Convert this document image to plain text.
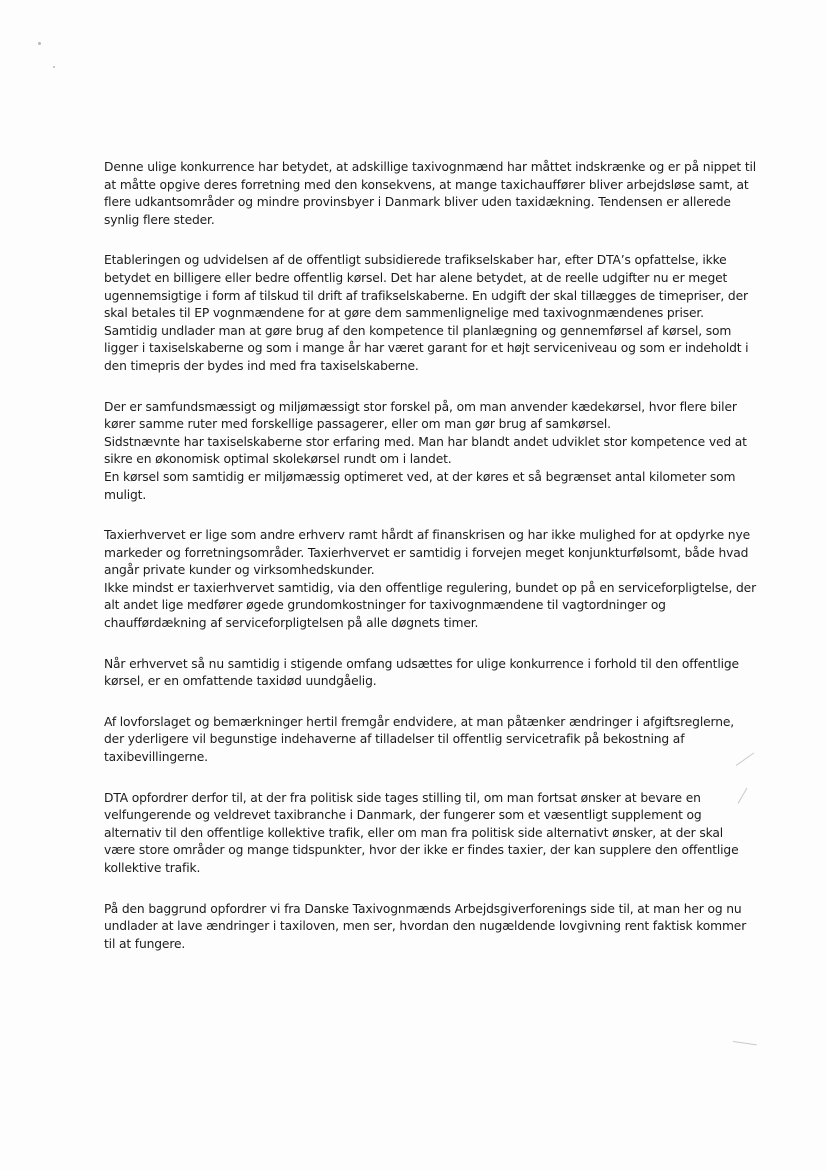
Denne ulige konkurrence har betydet, at adskillige taxivognmænd har måttet indskrænke og er på nippet til
at måtte opgive deres forretning med den konsekvens, at mange taxichauffører bliver arbejdsløse samt, at
flere udkantsområder og mindre provinsbyer i Danmark bliver uden taxidækning. Tendensen er allerede
synlig flere steder.

Etableringen og udvidelsen af de offentligt subsidierede trafikselskaber har, efter DTA’s opfattelse, ikke
betydet en billigere eller bedre offentlig kørsel. Det har alene betydet, at de reelle udgifter nu er meget
ugennemsigtige i form af tilskud til drift af trafikselskaberne. En udgift der skal tillægges de timepriser, der
skal betales til EP vognmændene for at gøre dem sammenlignelige med taxivognmændenes priser.
Samtidig undlader man at gøre brug af den kompetence til planlægning og gennemførsel af kørsel, som
ligger i taxiselskaberne og som i mange år har været garant for et højt serviceniveau og som er indeholdt i
den timepris der bydes ind med fra taxiselskaberne.

Der er samfundsmæssigt og miljømæssigt stor forskel på, om man anvender kædekørsel, hvor flere biler
kører samme ruter med forskellige passagerer, eller om man gør brug af samkørsel.
Sidstnævnte har taxiselskaberne stor erfaring med. Man har blandt andet udviklet stor kompetence ved at
sikre en økonomisk optimal skolekørsel rundt om i landet.
En kørsel som samtidig er miljømæssig optimeret ved, at der køres et så begrænset antal kilometer som
muligt.

Taxierhvervet er lige som andre erhverv ramt hårdt af finanskrisen og har ikke mulighed for at opdyrke nye
markeder og forretningsområder. Taxierhvervet er samtidig i forvejen meget konjunkturfølsomt, både hvad
angår private kunder og virksomhedskunder.
Ikke mindst er taxierhvervet samtidig, via den offentlige regulering, bundet op på en serviceforpligtelse, der
alt andet lige medfører øgede grundomkostninger for taxivognmændene til vagtordninger og
chaufførdækning af serviceforpligtelsen på alle døgnets timer.

Når erhvervet så nu samtidig i stigende omfang udsættes for ulige konkurrence i forhold til den offentlige
kørsel, er en omfattende taxidød uundgåelig.

Af lovforslaget og bemærkninger hertil fremgår endvidere, at man påtænker ændringer i afgiftsreglerne,
der yderligere vil begunstige indehaverne af tilladelser til offentlig servicetrafik på bekostning af
taxibevillingerne.

DTA opfordrer derfor til, at der fra politisk side tages stilling til, om man fortsat ønsker at bevare en
velfungerende og veldrevet taxibranche i Danmark, der fungerer som et væsentligt supplement og
alternativ til den offentlige kollektive trafik, eller om man fra politisk side alternativt ønsker, at der skal
være store områder og mange tidspunkter, hvor der ikke er findes taxier, der kan supplere den offentlige
kollektive trafik.

På den baggrund opfordrer vi fra Danske Taxivognmænds Arbejdsgiverforenings side til, at man her og nu
undlader at lave ændringer i taxiloven, men ser, hvordan den nugældende lovgivning rent faktisk kommer
til at fungere.
